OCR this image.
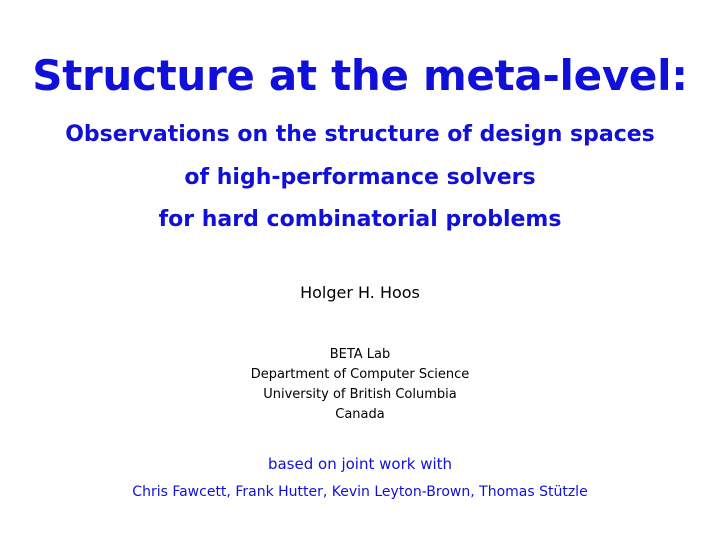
Structure at the meta-level:
Observations on the structure of design spaces
of high-performance solvers
for hard combinatorial problems
Holger H. Hoos
BETA Lab
Department of Computer Science
University of British Columbia
Canada
based on joint work with
Chris Fawcett, Frank Hutter, Kevin Leyton-Brown, Thomas Stützle
